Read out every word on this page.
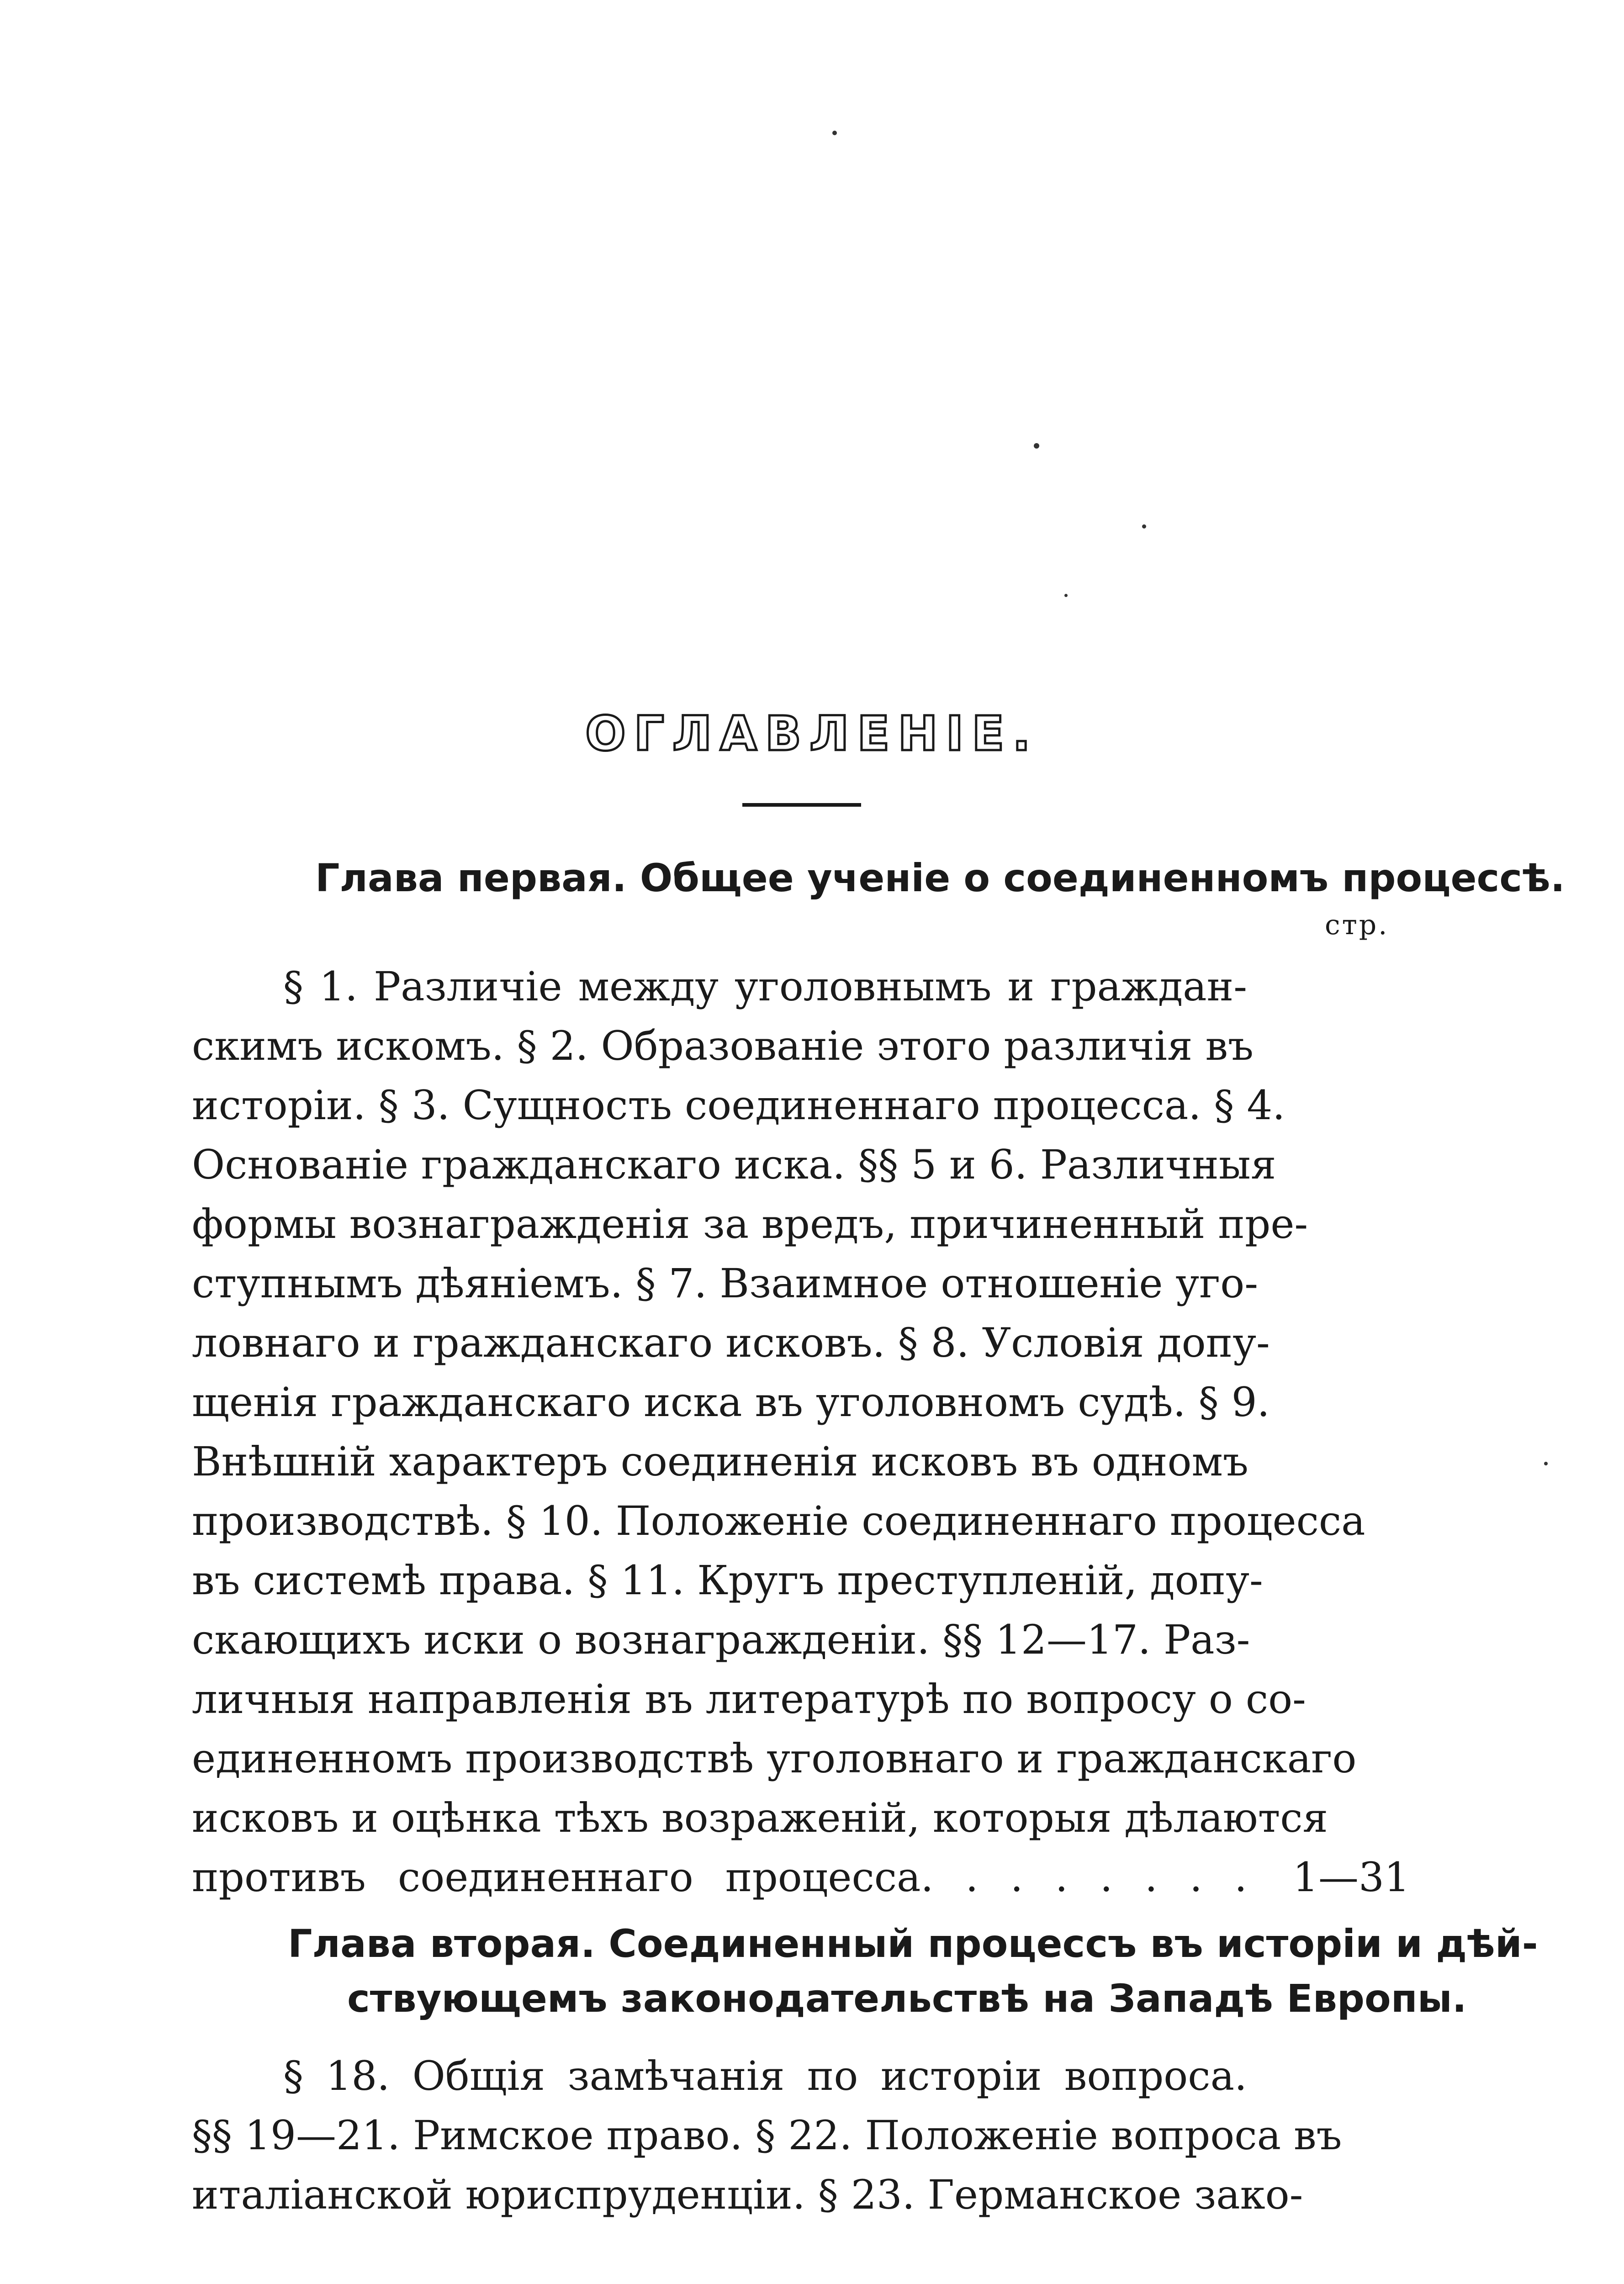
ОГЛАВЛЕНІЕ.
Глава первая. Общее ученіе о соединенномъ процессѣ.
стр.
§ 1. Различіе между уголовнымъ и граждан-
скимъ искомъ. § 2. Образованіе этого различія въ
исторіи. § 3. Сущность соединеннаго процесса. § 4.
Основаніе гражданскаго иска. §§ 5 и 6. Различныя
формы вознагражденія за вредъ, причиненный пре-
ступнымъ дѣяніемъ. § 7. Взаимное отношеніе уго-
ловнаго и гражданскаго исковъ. § 8. Условія допу-
щенія гражданскаго иска въ уголовномъ судѣ. § 9.
Внѣшній характеръ соединенія исковъ въ одномъ
производствѣ. § 10. Положеніе соединеннаго процесса
въ системѣ права. § 11. Кругъ преступленій, допу-
скающихъ иски о вознагражденіи. §§ 12—17. Раз-
личныя направленія въ литературѣ по вопросу о со-
единенномъ производствѣ уголовнаго и гражданскаго
исковъ и оцѣнка тѣхъ возраженій, которыя дѣлаются
противъ соединеннаго процесса. . . . . . . . 1—31
Глава вторая. Соединенный процессъ въ исторіи и дѣй-
ствующемъ законодательствѣ на Западѣ Европы.
§ 18. Общія замѣчанія по исторіи вопроса.
§§ 19—21. Римское право. § 22. Положеніе вопроса въ
италіанской юриспруденціи. § 23. Германское зако-
